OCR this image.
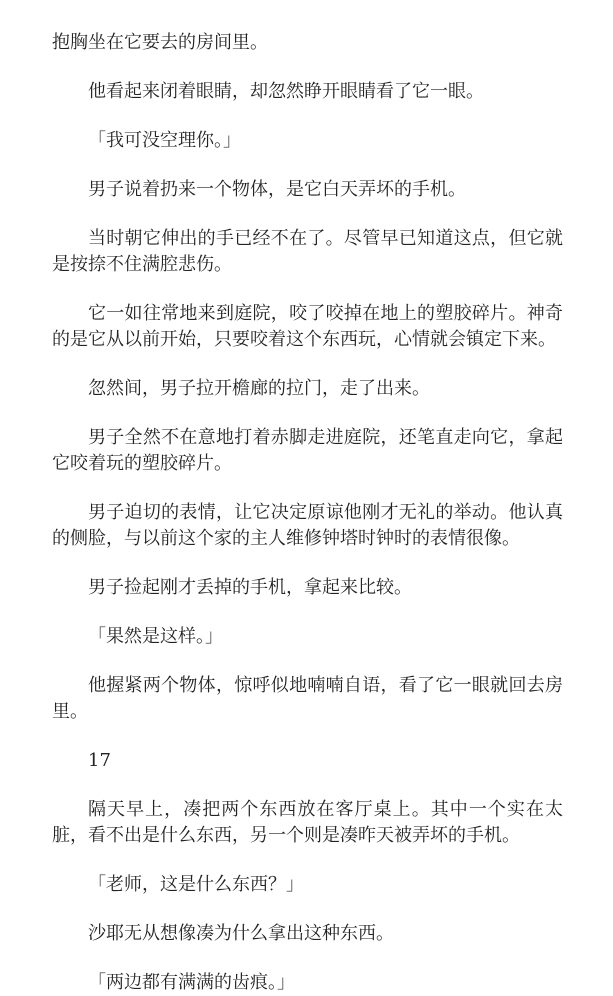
抱胸坐在它要去的房间里。

他看起来闭着眼睛，却忽然睁开眼睛看了它一眼。

「我可没空理你。」

男子说着扔来一个物体，是它白天弄坏的手机。

当时朝它伸出的手已经不在了。尽管早已知道这点，但它就是按捺不住满腔悲伤。

它一如往常地来到庭院，咬了咬掉在地上的塑胶碎片。神奇的是它从以前开始，只要咬着这个东西玩，心情就会镇定下来。

忽然间，男子拉开檐廊的拉门，走了出来。

男子全然不在意地打着赤脚走进庭院，还笔直走向它，拿起它咬着玩的塑胶碎片。

男子迫切的表情，让它决定原谅他刚才无礼的举动。他认真的侧脸，与以前这个家的主人维修钟塔时钟时的表情很像。

男子捡起刚才丢掉的手机，拿起来比较。

「果然是这样。」

他握紧两个物体，惊呼似地喃喃自语，看了它一眼就回去房里。

17

隔天早上，凑把两个东西放在客厅桌上。其中一个实在太脏，看不出是什么东西，另一个则是凑昨天被弄坏的手机。

「老师，这是什么东西？」

沙耶无从想像凑为什么拿出这种东西。

「两边都有满满的齿痕。」
